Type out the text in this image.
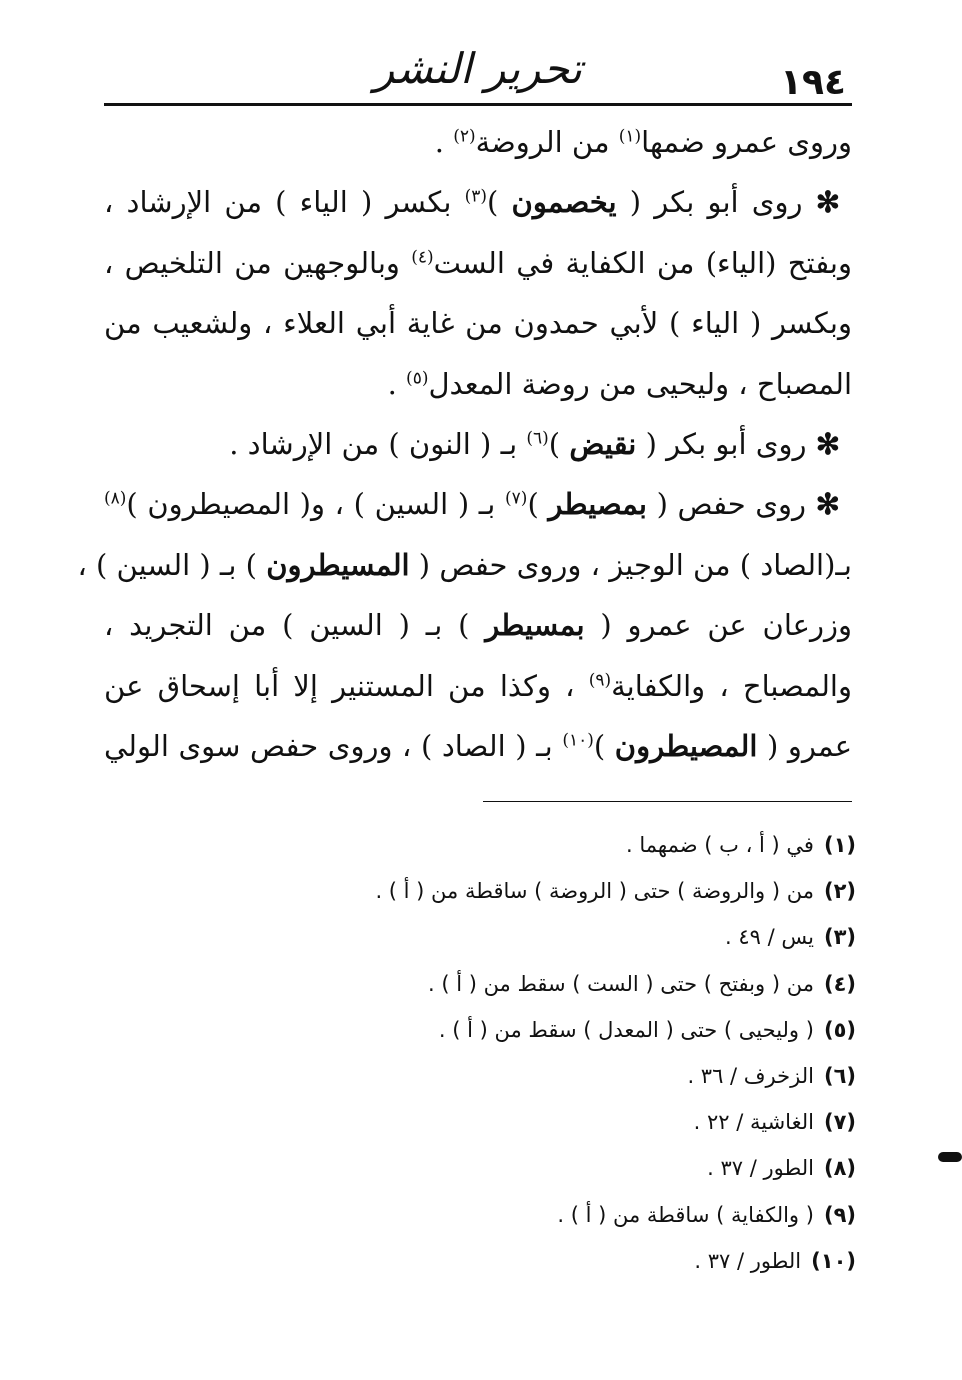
تحرير النشر	١٩٤
وروى عمرو ضمها$^{(١)}$ من الروضة$^{(٢)}$ .
✻ روى أبو بكر ( يخصمون )$^{(٣)}$ بكسر ( الياء ) من الإرشاد ،
وبفتح (الياء) من الكفاية في الست$^{(٤)}$ وبالوجهين من التلخيص ،
وبكسر ( الياء ) لأبي حمدون من غاية أبي العلاء ، ولشعيب من
المصباح ، وليحيى من روضة المعدل$^{(٥)}$ .
✻ روى أبو بكر ( نقيض )$^{(٦)}$ بـ ( النون ) من الإرشاد .
✻ روى حفص ( بمصيطر )$^{(٧)}$ بـ ( السين ) ، و( المصيطرون )$^{(٨)}$
بـ(الصاد ) من الوجيز ، وروى حفص ( المسيطرون ) بـ ( السين ) ،
وزرعان عن عمرو ( بمسيطر ) بـ ( السين ) من التجريد ،
والمصباح ، والكفاية$^{(٩)}$ ، وكذا من المستنير إلا أبا إسحاق عن
عمرو ( المصيطرون )$^{(١٠)}$ بـ ( الصاد ) ، وروى حفص سوى الولي
(١)في ( أ ، ب ) ضمهما .
(٢)من ( والروضة ) حتى ( الروضة ) ساقطة من ( أ ) .
(٣)يس / ٤٩ .
(٤)من ( وبفتح ) حتى ( الست ) سقط من ( أ ) .
(٥)( وليحيى ) حتى ( المعدل ) سقط من ( أ ) .
(٦)الزخرف / ٣٦ .
(٧)الغاشية / ٢٢ .
(٨)الطور / ٣٧ .
(٩)( والكفاية ) ساقطة من ( أ ) .
(١٠)الطور / ٣٧ .
